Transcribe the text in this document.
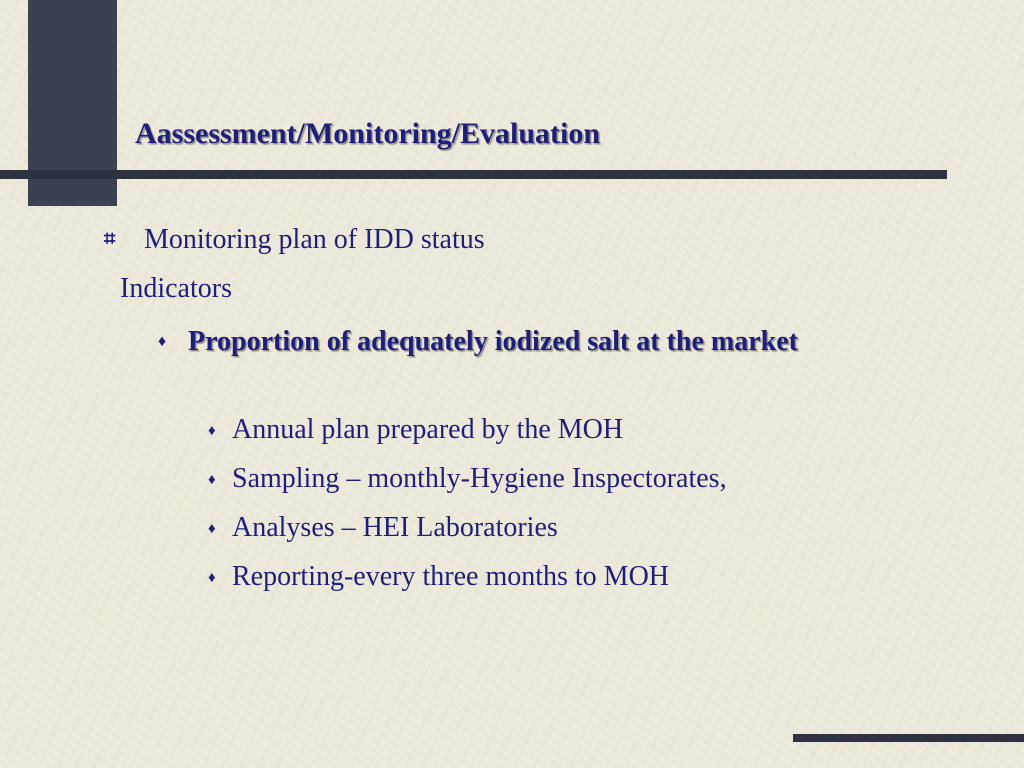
Aassessment/Monitoring/Evaluation
⌗ Monitoring plan of IDD status
Indicators
♦ Proportion of adequately iodized salt at the market
♦ Annual plan prepared by the MOH
♦ Sampling – monthly-Hygiene Inspectorates,
♦ Analyses – HEI Laboratories
♦ Reporting-every three months to MOH
